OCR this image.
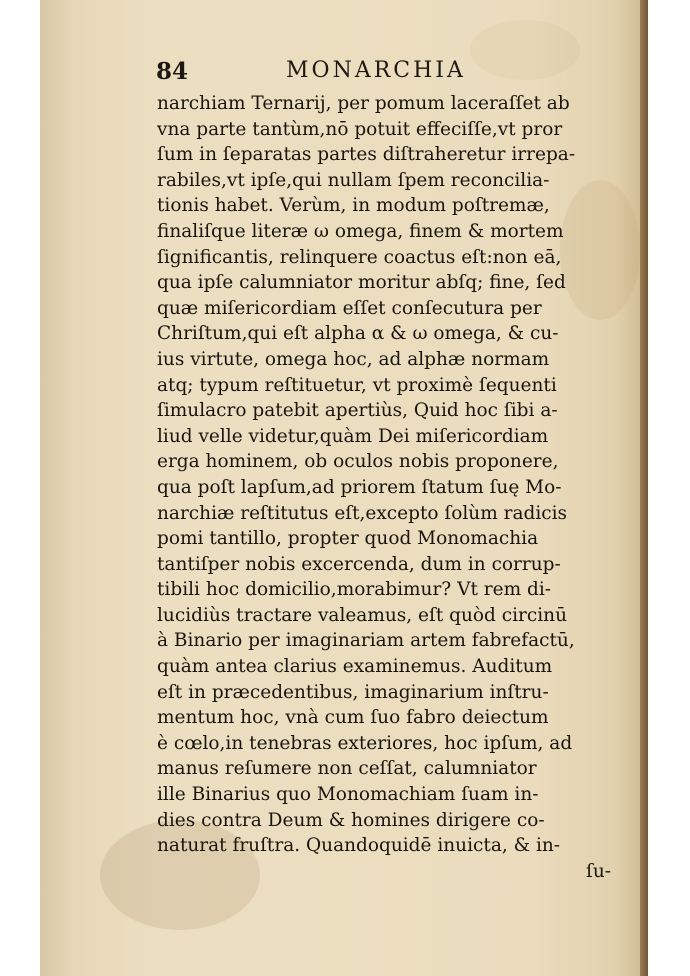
84	MONARCHIA
narchiam Ternarij, per pomum laceraſſet ab
vna parte tantùm,nō potuit effeciſſe,vt pror
ſum in ſeparatas partes diſtraheretur irrepa-
rabiles,vt ipſe,qui nullam ſpem reconcilia-
tionis habet. Verùm, in modum poſtremæ,
finaliſque literæ ω omega, finem & mortem
ſignificantis, relinquere coactus eſt:non eā,
qua ipſe calumniator moritur abſq; fine, ſed
quæ miſericordiam eſſet conſecutura per
Chriſtum,qui eſt alpha α & ω omega, & cu-
ius virtute, omega hoc, ad alphæ normam
atq; typum reſtituetur, vt proximè ſequenti
ſimulacro patebit apertiùs, Quid hoc ſibi a-
liud velle videtur,quàm Dei miſericordiam
erga hominem, ob oculos nobis proponere,
qua poſt lapſum,ad priorem ſtatum ſuę Mo-
narchiæ reſtitutus eſt,excepto ſolùm radicis
pomi tantillo, propter quod Monomachia
tantiſper nobis excercenda, dum in corrup-
tibili hoc domicilio,morabimur? Vt rem di-
lucidiùs tractare valeamus, eſt quòd circinū
à Binario per imaginariam artem fabrefactū,
quàm antea clarius examinemus. Auditum
eſt in præcedentibus, imaginarium inſtru-
mentum hoc, vnà cum ſuo fabro deiectum
è cœlo,in tenebras exteriores, hoc ipſum, ad
manus reſumere non ceſſat, calumniator
ille Binarius quo Monomachiam ſuam in-
dies contra Deum & homines dirigere co-
naturat fruſtra. Quandoquidē inuicta, & in-
ſu-
